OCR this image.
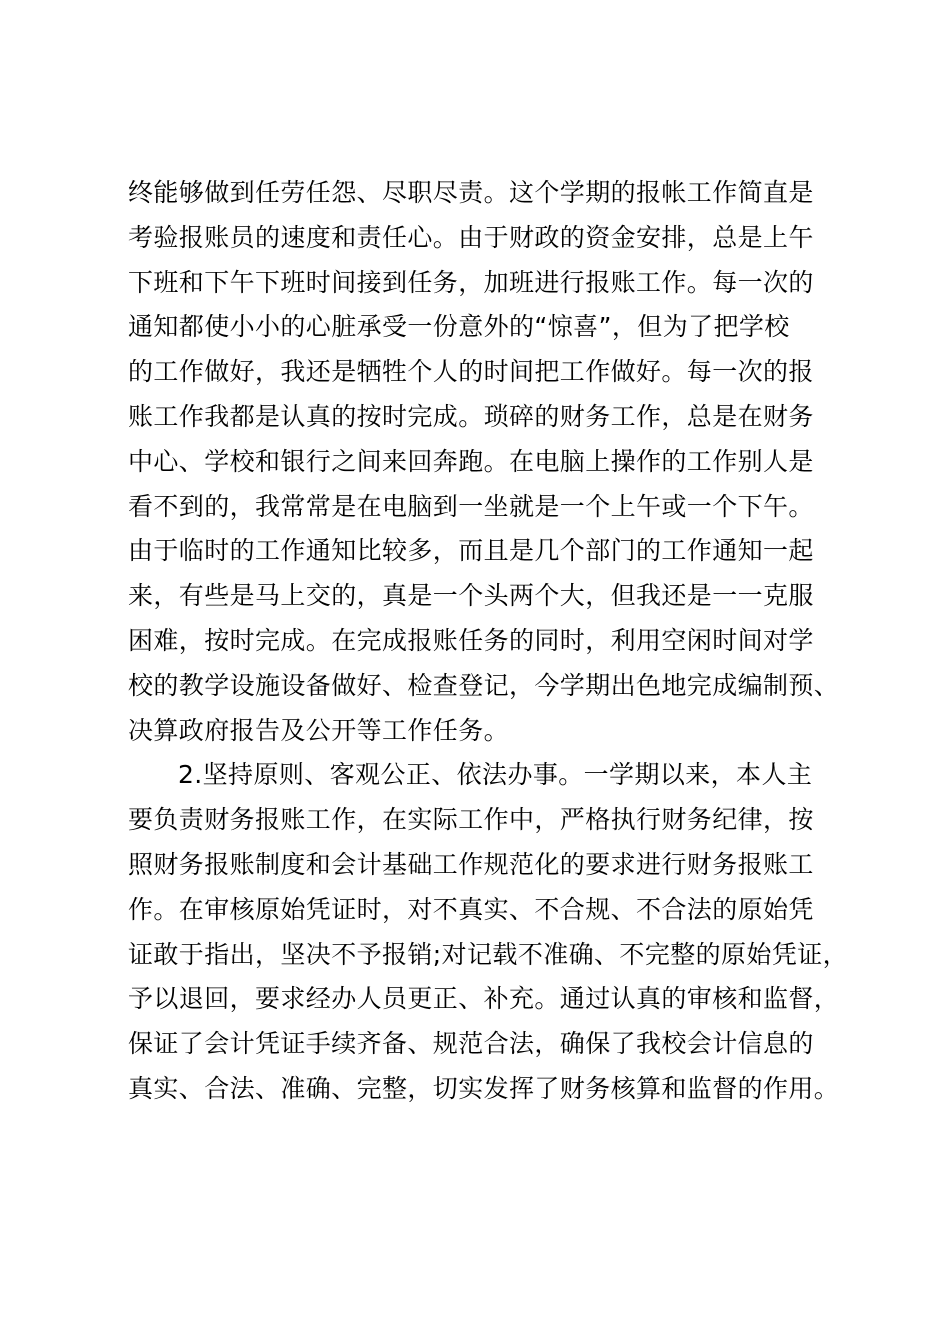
终能够做到任劳任怨、尽职尽责。这个学期的报帐工作简直是
考验报账员的速度和责任心。由于财政的资金安排，总是上午
下班和下午下班时间接到任务，加班进行报账工作。每一次的
通知都使小小的心脏承受一份意外的“惊喜”，但为了把学校
的工作做好，我还是牺牲个人的时间把工作做好。每一次的报
账工作我都是认真的按时完成。琐碎的财务工作，总是在财务
中心、学校和银行之间来回奔跑。在电脑上操作的工作别人是
看不到的，我常常是在电脑到一坐就是一个上午或一个下午。
由于临时的工作通知比较多，而且是几个部门的工作通知一起
来，有些是马上交的，真是一个头两个大，但我还是一一克服
困难，按时完成。在完成报账任务的同时，利用空闲时间对学
校的教学设施设备做好、检查登记，今学期出色地完成编制预、
决算政府报告及公开等工作任务。
2.坚持原则、客观公正、依法办事。一学期以来，本人主
要负责财务报账工作，在实际工作中，严格执行财务纪律，按
照财务报账制度和会计基础工作规范化的要求进行财务报账工
作。在审核原始凭证时，对不真实、不合规、不合法的原始凭
证敢于指出，坚决不予报销;对记载不准确、不完整的原始凭证，
予以退回，要求经办人员更正、补充。通过认真的审核和监督，
保证了会计凭证手续齐备、规范合法，确保了我校会计信息的
真实、合法、准确、完整，切实发挥了财务核算和监督的作用。
